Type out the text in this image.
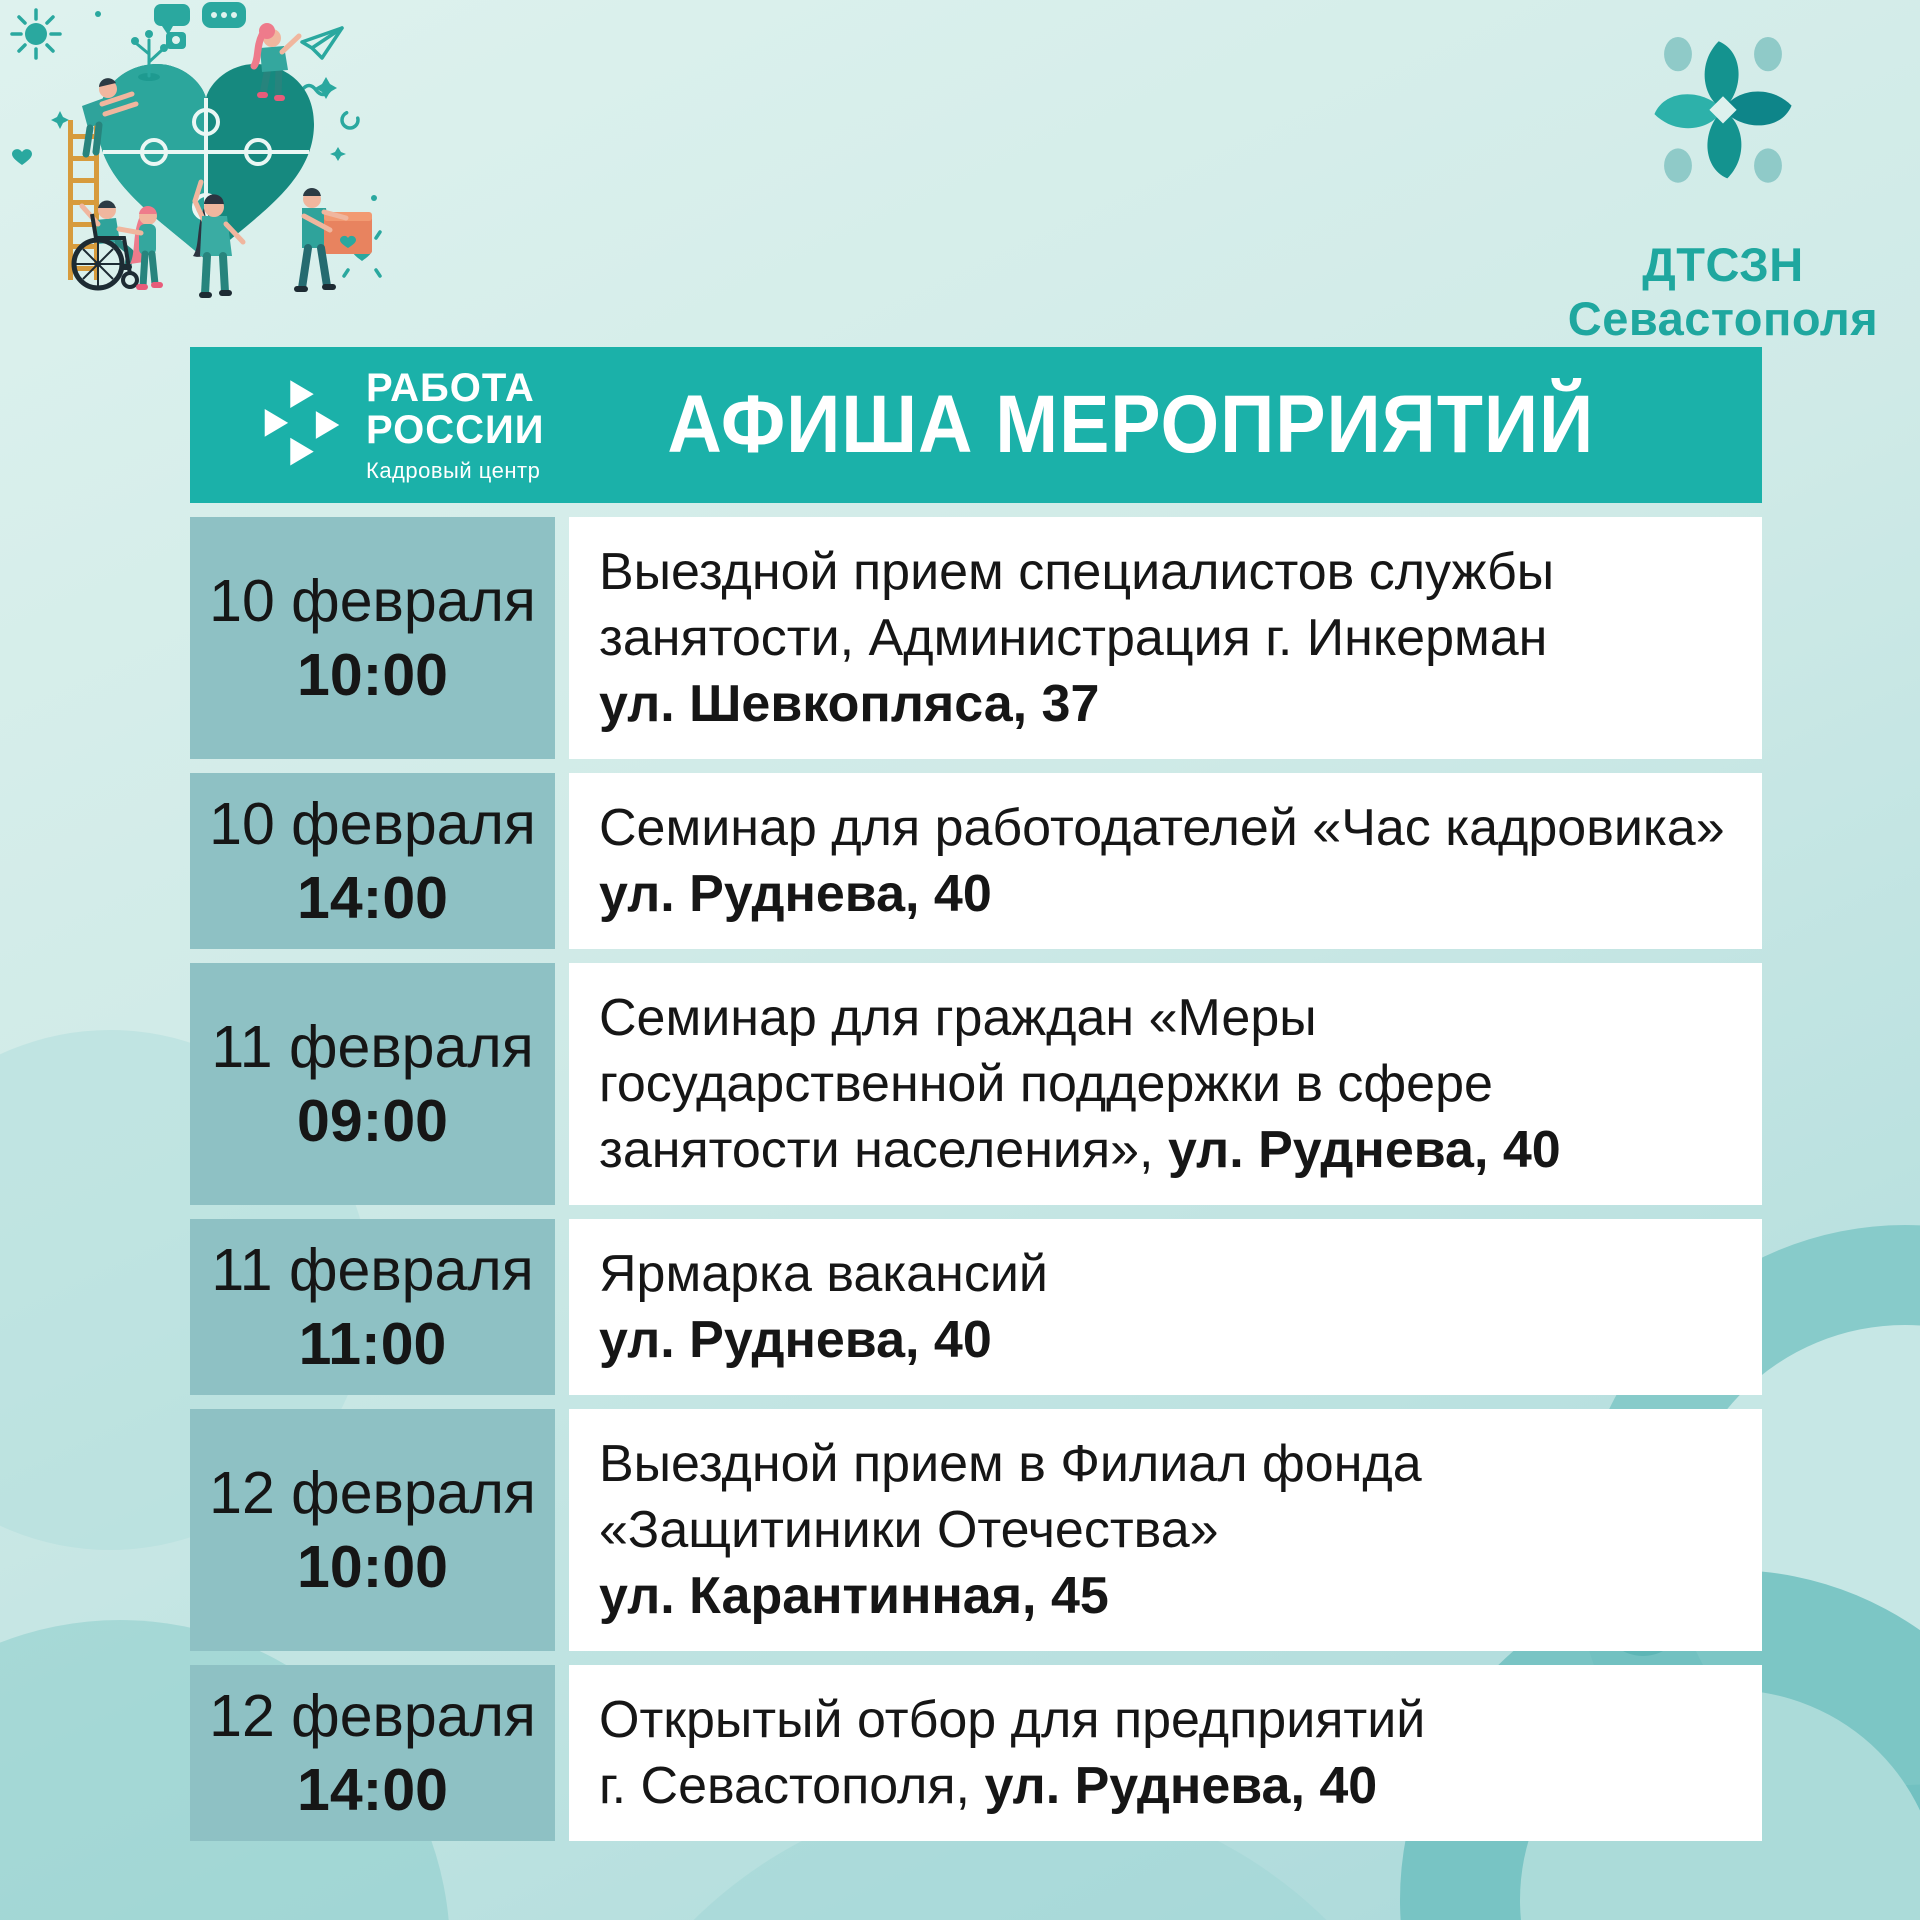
ДТСЗН
Севастополя
РАБОТА
РОССИИ
Кадровый центр	АФИША МЕРОПРИЯТИЙ
10 февраля
10:00
Выездной прием специалистов службы
занятости, Администрация г. Инкерман
ул. Шевкопляса, 37
10 февраля
14:00
Семинар для работодателей «Час кадровика»
ул. Руднева, 40
11 февраля
09:00
Семинар для граждан «Меры
государственной поддержки в сфере
занятости населения», ул. Руднева, 40
11 февраля
11:00
Ярмарка вакансий
ул. Руднева, 40
12 февраля
10:00
Выездной прием в Филиал фонда
«Защитиники Отечества»
ул. Карантинная, 45
12 февраля
14:00
Открытый отбор для предприятий
г. Севастополя, ул. Руднева, 40
